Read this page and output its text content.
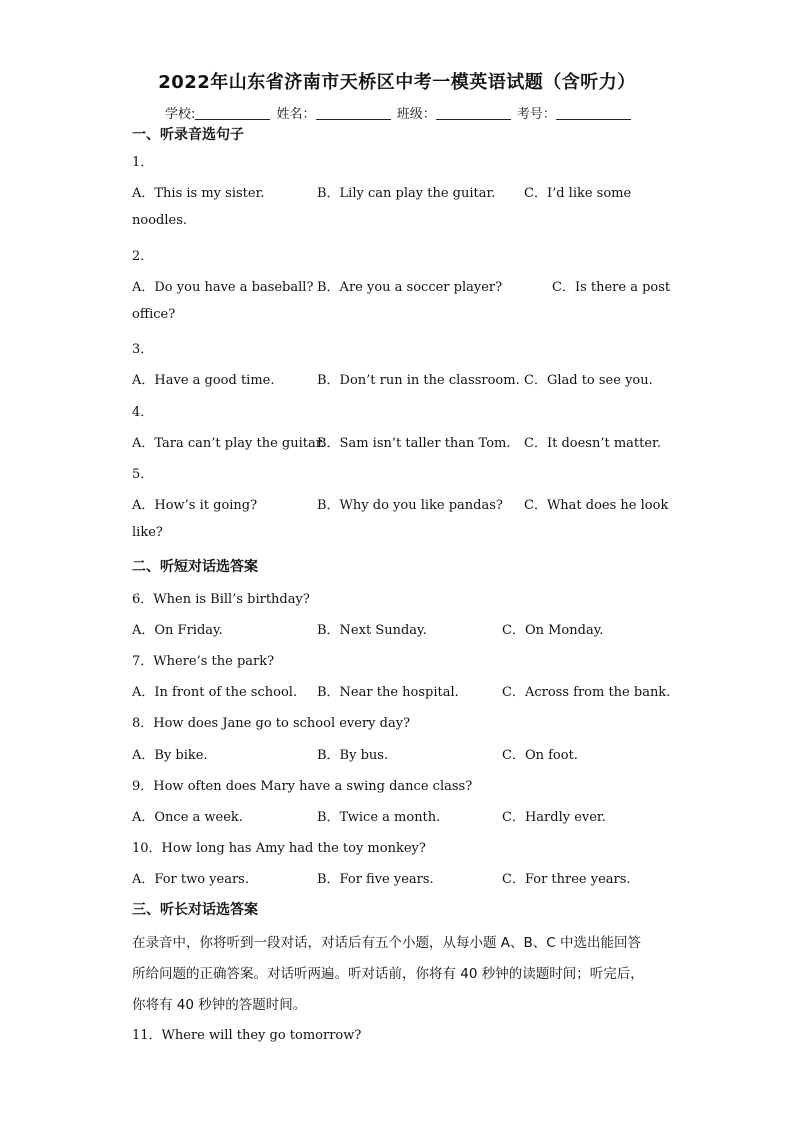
2022年山东省济南市天桥区中考一模英语试题（含听力）
学校:	姓名：	班级：	考号：
一、听录音选句子
1．
A．This is my sister.	B．Lily can play the guitar. C．I’d like some
noodles.
2．
A．Do you have a baseball? B．Are you a soccer player?	C．Is there a post
office?
3．
A．Have a good time.	B．Don’t run in the classroom. C．Glad to see you.
4．
A．Tara can’t play the guitar.
B．Sam isn’t taller than Tom. C．It doesn’t matter.
5．
A．How’s it going?	B．Why do you like pandas? C．What does he look
like?
二、听短对话选答案
6．When is Bill’s birthday?
A．On Friday.	B．Next Sunday.	C．On Monday.
7．Where’s the park?
A．In front of the school. B．Near the hospital.	C．Across from the bank.
8．How does Jane go to school every day?
A．By bike.	B．By bus.	C．On foot.
9．How often does Mary have a swing dance class?
A．Once a week.	B．Twice a month.	C．Hardly ever.
10．How long has Amy had the toy monkey?
A．For two years.	B．For five years.	C．For three years.
三、听长对话选答案
在录音中，你将听到一段对话，对话后有五个小题，从每小题 A、B、C 中选出能回答
所给问题的正确答案。对话听两遍。听对话前，你将有 40 秒钟的读题时间；听完后，
你将有 40 秒钟的答题时间。
11．Where will they go tomorrow?
